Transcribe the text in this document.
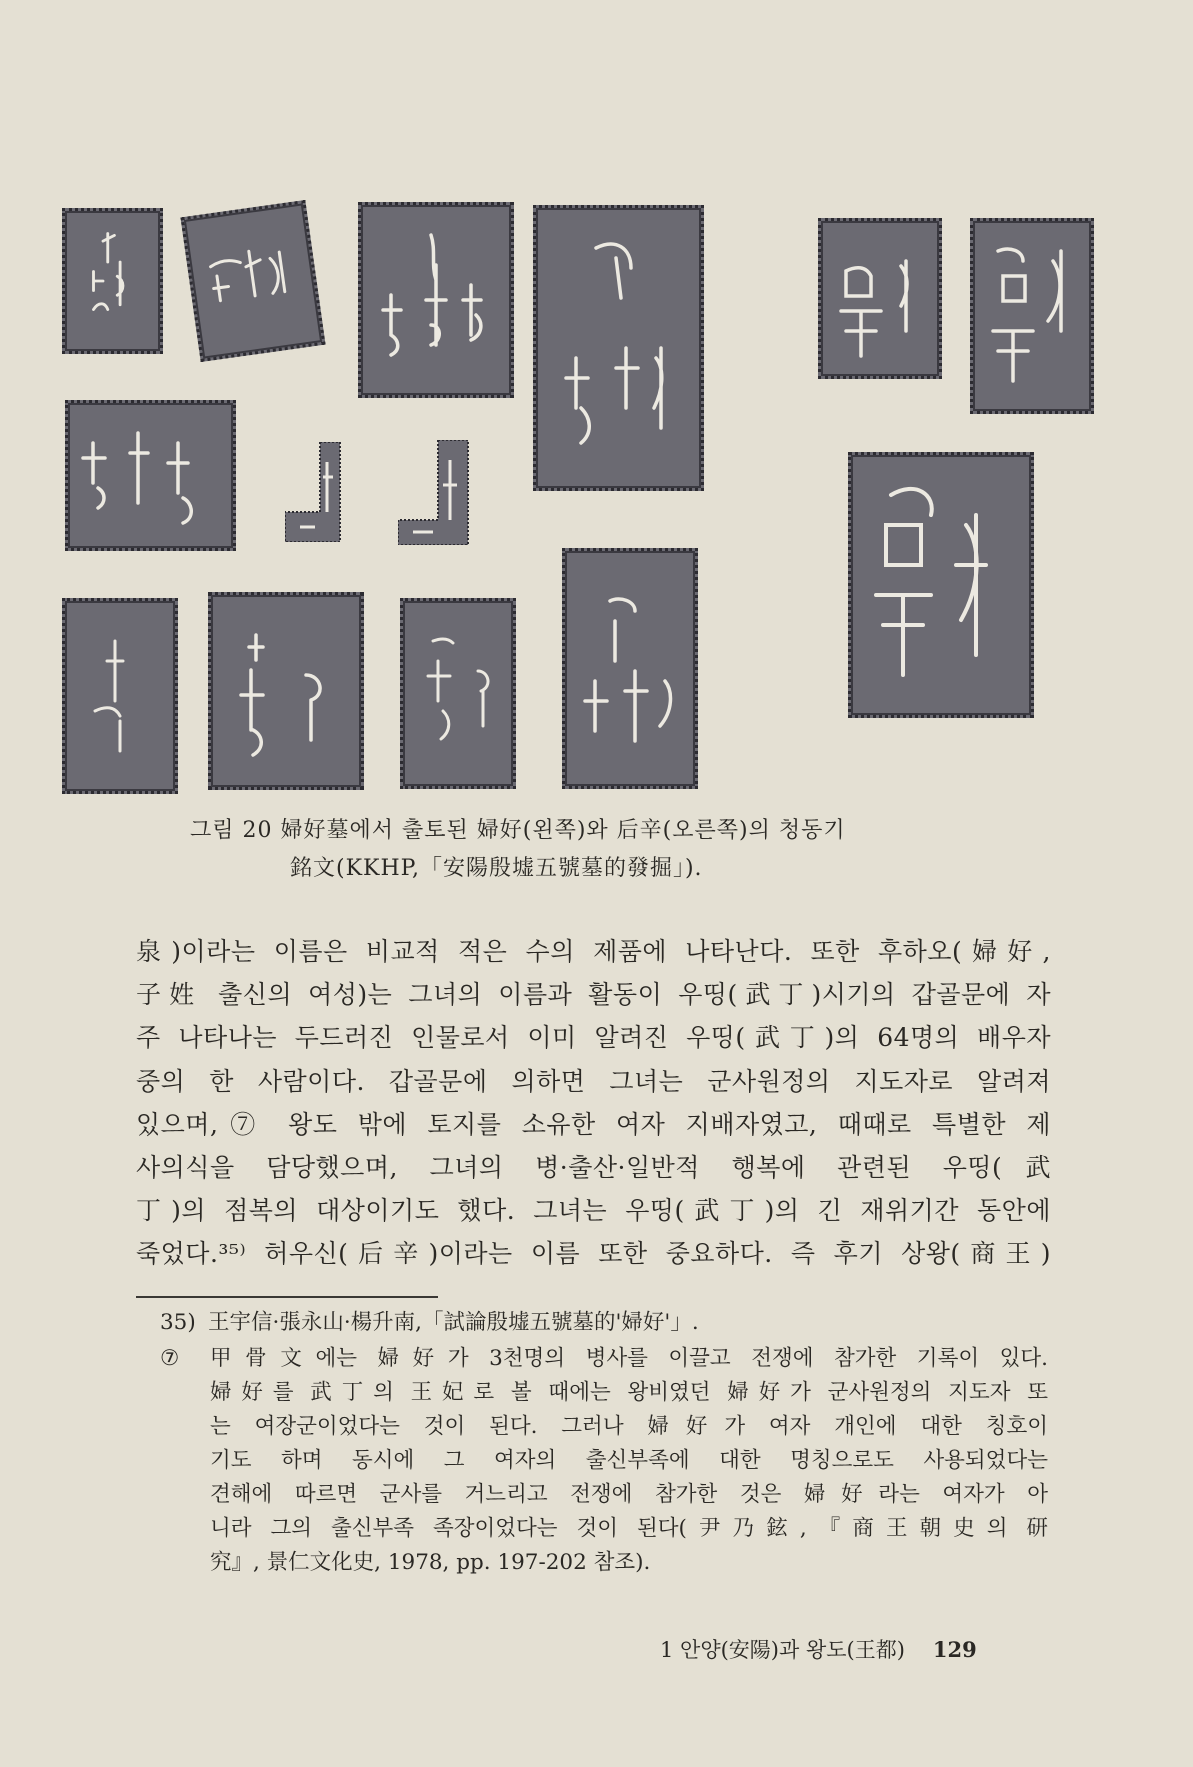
그림 20 婦好墓에서 출토된 婦好(왼쪽)와 后辛(오른쪽)의 청동기
銘文(KKHP,「安陽殷墟五號墓的發掘」).
泉)이라는 이름은 비교적 적은 수의 제품에 나타난다. 또한 후하오(婦好,
子姓 출신의 여성)는 그녀의 이름과 활동이 우띵(武丁)시기의 갑골문에 자
주 나타나는 두드러진 인물로서 이미 알려진 우띵(武丁)의 64명의 배우자
중의 한 사람이다. 갑골문에 의하면 그녀는 군사원정의 지도자로 알려져
있으며,⑦ 왕도 밖에 토지를 소유한 여자 지배자였고, 때때로 특별한 제
사의식을 담당했으며, 그녀의 병·출산·일반적 행복에 관련된 우띵(武
丁)의 점복의 대상이기도 했다. 그녀는 우띵(武丁)의 긴 재위기간 동안에
죽었다.³⁵⁾ 허우신(后辛)이라는 이름 또한 중요하다. 즉 후기 상왕(商王)
35) 王宇信·張永山·楊升南,「試論殷墟五號墓的'婦好'」.
⑦ 甲骨文에는 婦好가 3천명의 병사를 이끌고 전쟁에 참가한 기록이 있다.
婦好를 武丁의 王妃로 볼 때에는 왕비였던 婦好가 군사원정의 지도자 또
는 여장군이었다는 것이 된다. 그러나 婦好가 여자 개인에 대한 칭호이
기도 하며 동시에 그 여자의 출신부족에 대한 명칭으로도 사용되었다는
견해에 따르면 군사를 거느리고 전쟁에 참가한 것은 婦好라는 여자가 아
니라 그의 출신부족 족장이었다는 것이 된다(尹乃鉉,『商王朝史의 研
究』, 景仁文化史, 1978, pp. 197-202 참조).
1 안양(安陽)과 왕도(王都) 129
